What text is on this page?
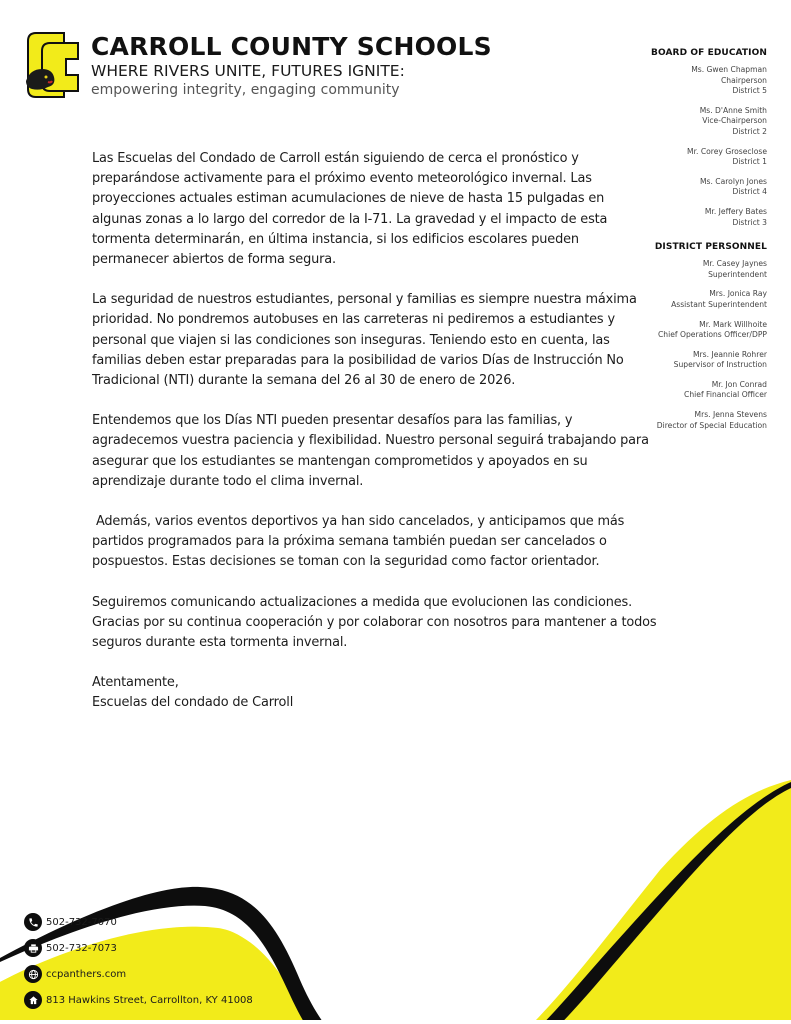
CARROLL COUNTY SCHOOLS
WHERE RIVERS UNITE, FUTURES IGNITE:
empowering integrity, engaging community
BOARD OF EDUCATION
Ms. Gwen Chapman
Chairperson
District 5
Ms. D'Anne Smith
Vice-Chairperson
District 2
Mr. Corey Groseclose
District 1
Ms. Carolyn Jones
District 4
Mr. Jeffery Bates
District 3
DISTRICT PERSONNEL
Mr. Casey Jaynes
Superintendent
Mrs. Jonica Ray
Assistant Superintendent
Mr. Mark Willhoite
Chief Operations Officer/DPP
Mrs. Jeannie Rohrer
Supervisor of Instruction
Mr. Jon Conrad
Chief Financial Officer
Mrs. Jenna Stevens
Director of Special Education

Las Escuelas del Condado de Carroll están siguiendo de cerca el pronóstico y preparándose activamente para el próximo evento meteorológico invernal. Las proyecciones actuales estiman acumulaciones de nieve de hasta 15 pulgadas en algunas zonas a lo largo del corredor de la I-71. La gravedad y el impacto de esta tormenta determinarán, en última instancia, si los edificios escolares pueden permanecer abiertos de forma segura.

La seguridad de nuestros estudiantes, personal y familias es siempre nuestra máxima prioridad. No pondremos autobuses en las carreteras ni pediremos a estudiantes y personal que viajen si las condiciones son inseguras. Teniendo esto en cuenta, las familias deben estar preparadas para la posibilidad de varios Días de Instrucción No Tradicional (NTI) durante la semana del 26 al 30 de enero de 2026.

Entendemos que los Días NTI pueden presentar desafíos para las familias, y agradecemos vuestra paciencia y flexibilidad. Nuestro personal seguirá trabajando para asegurar que los estudiantes se mantengan comprometidos y apoyados en su aprendizaje durante todo el clima invernal.

Además, varios eventos deportivos ya han sido cancelados, y anticipamos que más partidos programados para la próxima semana también puedan ser cancelados o pospuestos. Estas decisiones se toman con la seguridad como factor orientador.

Seguiremos comunicando actualizaciones a medida que evolucionen las condiciones. Gracias por su continua cooperación y por colaborar con nosotros para mantener a todos seguros durante esta tormenta invernal.

Atentamente,
Escuelas del condado de Carroll
502-732-7070
502-732-7073
ccpanthers.com
813 Hawkins Street, Carrollton, KY 41008
